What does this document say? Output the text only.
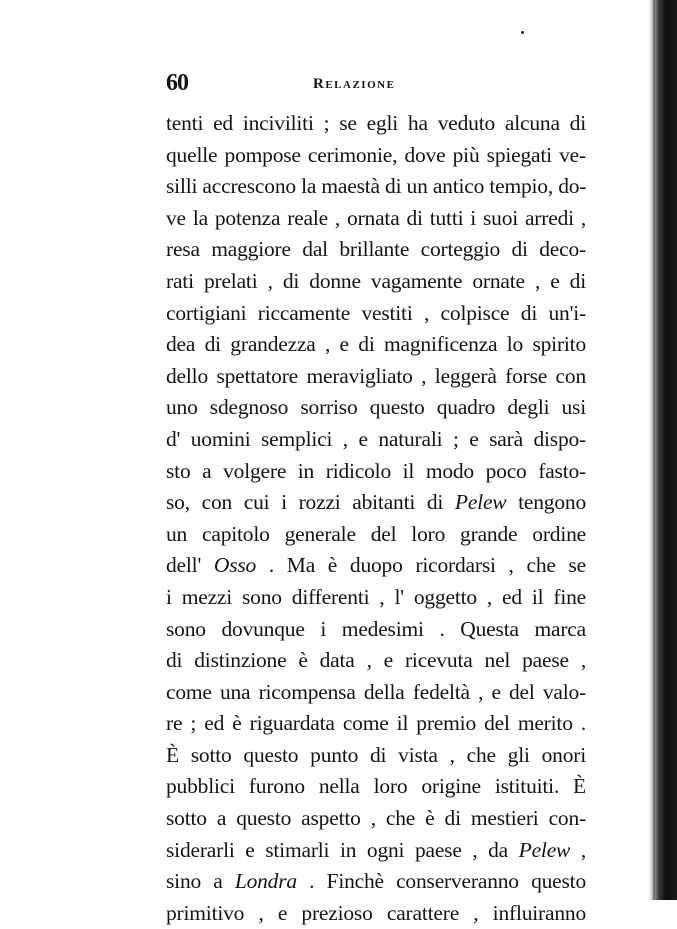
60	Relazione
tenti ed inciviliti ; se egli ha veduto alcuna di
quelle pompose cerimonie, dove più spiegati ve-
silli accrescono la maestà di un antico tempio, do-
ve la potenza reale , ornata di tutti i suoi arredi ,
resa maggiore dal brillante corteggio di deco-
rati prelati , di donne vagamente ornate , e di
cortigiani riccamente vestiti , colpisce di un'i-
dea di grandezza , e di magnificenza lo spirito
dello spettatore meravigliato , leggerà forse con
uno sdegnoso sorriso questo quadro degli usi
d' uomini semplici , e naturali ; e sarà dispo-
sto a volgere in ridicolo il modo poco fasto-
so, con cui i rozzi abitanti di Pelew tengono
un capitolo generale del loro grande ordine
dell' Osso . Ma è duopo ricordarsi , che se
i mezzi sono differenti , l' oggetto , ed il fine
sono dovunque i medesimi . Questa marca
di distinzione è data , e ricevuta nel paese ,
come una ricompensa della fedeltà , e del valo-
re ; ed è riguardata come il premio del merito .
È sotto questo punto di vista , che gli onori
pubblici furono nella loro origine istituiti. È
sotto a questo aspetto , che è di mestieri con-
siderarli e stimarli in ogni paese , da Pelew ,
sino a Londra . Finchè conserveranno questo
primitivo , e prezioso carattere , influiranno
